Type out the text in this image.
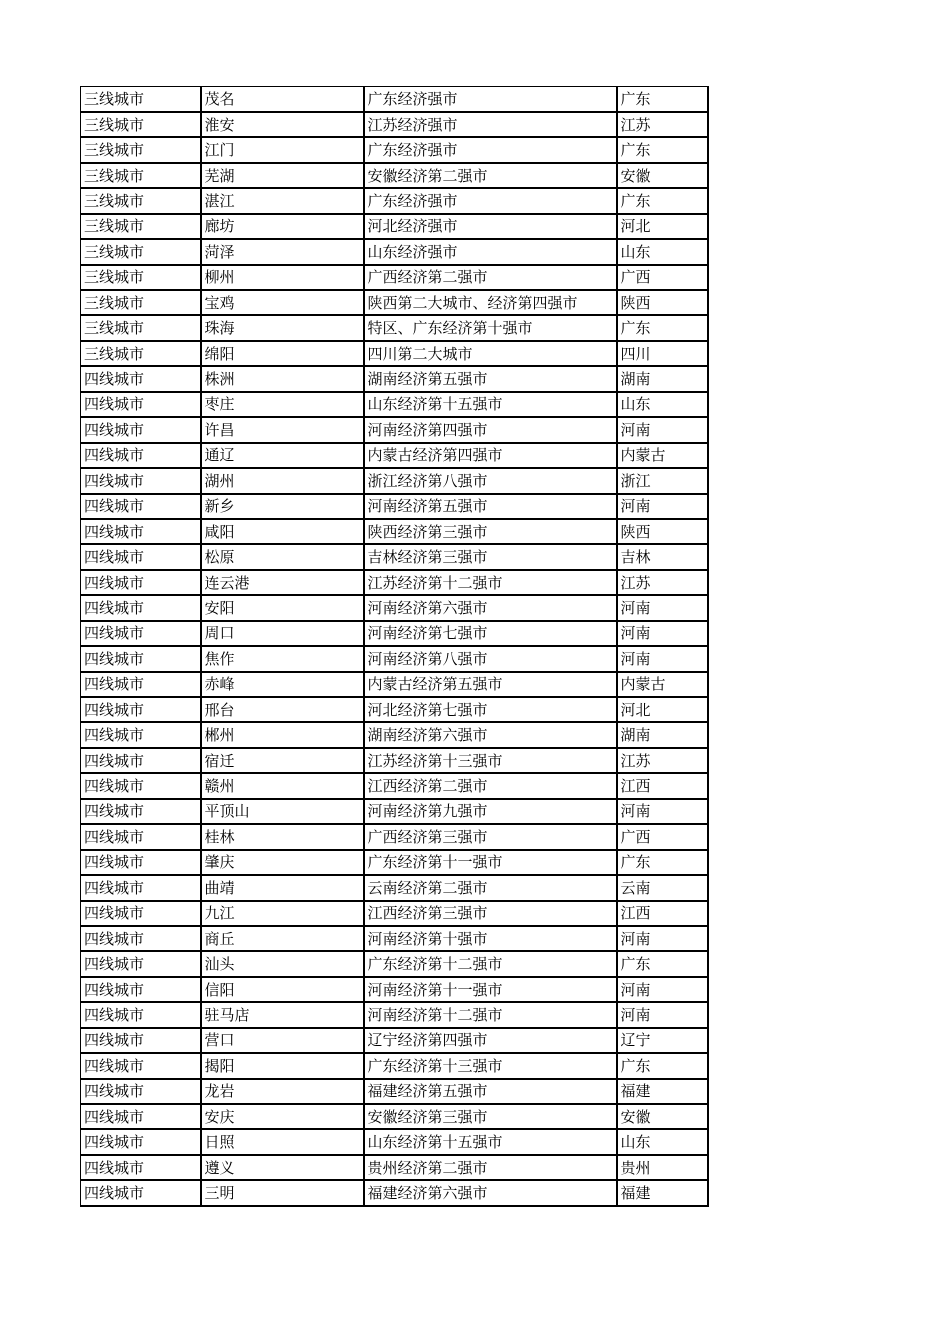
三线城市	茂名	广东经济强市	广东
三线城市	淮安	江苏经济强市	江苏
三线城市	江门	广东经济强市	广东
三线城市	芜湖	安徽经济第二强市	安徽
三线城市	湛江	广东经济强市	广东
三线城市	廊坊	河北经济强市	河北
三线城市	菏泽	山东经济强市	山东
三线城市	柳州	广西经济第二强市	广西
三线城市	宝鸡	陕西第二大城市、经济第四强市	陕西
三线城市	珠海	特区、广东经济第十强市	广东
三线城市	绵阳	四川第二大城市	四川
四线城市	株洲	湖南经济第五强市	湖南
四线城市	枣庄	山东经济第十五强市	山东
四线城市	许昌	河南经济第四强市	河南
四线城市	通辽	内蒙古经济第四强市	内蒙古
四线城市	湖州	浙江经济第八强市	浙江
四线城市	新乡	河南经济第五强市	河南
四线城市	咸阳	陕西经济第三强市	陕西
四线城市	松原	吉林经济第三强市	吉林
四线城市	连云港	江苏经济第十二强市	江苏
四线城市	安阳	河南经济第六强市	河南
四线城市	周口	河南经济第七强市	河南
四线城市	焦作	河南经济第八强市	河南
四线城市	赤峰	内蒙古经济第五强市	内蒙古
四线城市	邢台	河北经济第七强市	河北
四线城市	郴州	湖南经济第六强市	湖南
四线城市	宿迁	江苏经济第十三强市	江苏
四线城市	赣州	江西经济第二强市	江西
四线城市	平顶山	河南经济第九强市	河南
四线城市	桂林	广西经济第三强市	广西
四线城市	肇庆	广东经济第十一强市	广东
四线城市	曲靖	云南经济第二强市	云南
四线城市	九江	江西经济第三强市	江西
四线城市	商丘	河南经济第十强市	河南
四线城市	汕头	广东经济第十二强市	广东
四线城市	信阳	河南经济第十一强市	河南
四线城市	驻马店	河南经济第十二强市	河南
四线城市	营口	辽宁经济第四强市	辽宁
四线城市	揭阳	广东经济第十三强市	广东
四线城市	龙岩	福建经济第五强市	福建
四线城市	安庆	安徽经济第三强市	安徽
四线城市	日照	山东经济第十五强市	山东
四线城市	遵义	贵州经济第二强市	贵州
四线城市	三明	福建经济第六强市	福建
